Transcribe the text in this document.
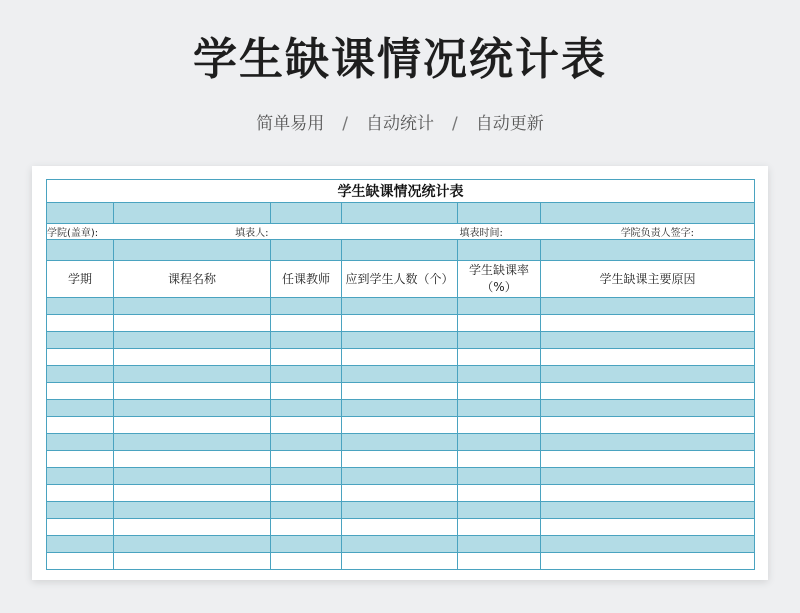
学生缺课情况统计表
简单易用 / 自动统计 / 自动更新
学生缺课情况统计表					

学院(盖章): 填表人:				填表时间: 学院负责人签字:	

学期	课程名称	任课教师	应到学生人数（个）	学生缺课率（%）	学生缺课主要原因
